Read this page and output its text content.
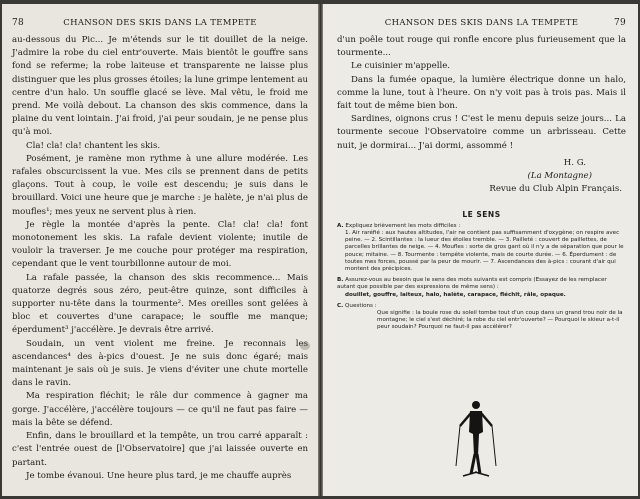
78	CHANSON DES SKIS DANS LA TEMPETE

au-dessous du Pic... Je m'étends sur le tit douillet de la neige. J'admire la robe du ciel entr'ouverte. Mais bientôt le gouffre sans fond se referme; la robe laiteuse et transparente ne laisse plus distinguer que les plus grosses étoiles; la lune grimpe lentement au centre d'un halo. Un souffle glacé se lève. Mal vêtu, le froid me prend. Me voilà debout. La chanson des skis commence, dans la plaine du vent lointain. J'ai froid, j'ai peur soudain, je ne pense plus qu'à moi.

Cla! cla! cla! chantent les skis.

Posément, je ramène mon rythme à une allure modérée. Les rafales obscurcissent la vue. Mes cils se prennent dans de petits glaçons. Tout à coup, le voile est descendu; je suis dans le brouillard. Voici une heure que je marche : je halète, je n'ai plus de moufles¹; mes yeux ne servent plus à rien.

Je règle la montée d'après la pente. Cla! cla! cla! font monotonement les skis. La rafale devient violente; inutile de vouloir la traverser. Je me couche pour protéger ma respiration, cependant que le vent tourbillonne autour de moi.

La rafale passée, la chanson des skis recommence... Mais quatorze degrés sous zéro, peut-être quinze, sont difficiles à supporter nu-tête dans la tourmente². Mes oreilles sont gelées à bloc et couvertes d'une carapace; le souffle me manque; éperdument³ j'accélère. Je devrais être arrivé.

Soudain, un vent violent me freine. Je reconnais les ascendances⁴ des à-pics d'ouest. Je ne suis donc égaré; mais maintenant je sais où je suis. Je viens d'éviter une chute mortelle dans le ravin.

Ma respiration fléchit; le râle dur commence à gagner ma gorge. J'accélère, j'accélère toujours — ce qu'il ne faut pas faire — mais la bête se défend.

Enfin, dans le brouillard et la tempête, un trou carré apparaît : c'est l'entrée ouest de [l'Observatoire] que j'ai laissée ouverte en partant.

Je tombe évanoui. Une heure plus tard, je me chauffe auprès

CHANSON DES SKIS DANS LA TEMPETE	79

d'un poêle tout rouge qui ronfle encore plus furieusement que la tourmente...

Le cuisinier m'appelle.

Dans la fumée opaque, la lumière électrique donne un halo, comme la lune, tout à l'heure. On n'y voit pas à trois pas. Mais il fait tout de même bien bon.

Sardines, oignons crus ! C'est le menu depuis seize jours... La tourmente secoue l'Observatoire comme un arbrisseau. Cette nuit, je dormirai... J'ai dormi, assommé !

H. G.
(La Montagne)
Revue du Club Alpin Français.
LE SENS
A. Expliquez brièvement les mots difficiles :
1. Air raréfié : aux hautes altitudes, l'air ne contient pas suffisamment d'oxygène; on respire avec peine. — 2. Scintillantes : la lueur des étoiles tremble. — 3. Pailleté : couvert de paillettes, de parcelles brillantes de neige. — 4. Moufles : sorte de gros gant où il n'y a de séparation que pour le pouce; mitaine. — 8. Tourmente : tempête violente, mais de courte durée. — 6. Éperdument : de toutes mes forces, poussé par la peur de mourir. — 7. Ascendances des à-pics : courant d'air qui montent des précipices.
B. Assurez-vous au besoin que le sens des mots suivants est compris (Essayez de les remplacer autant que possible par des expressions de même sens) :
douillet, gouffre, laiteux, halo, halète, carapace, fléchit, râle, opaque.
C. Questions :

Que signifie : la boule rose du soleil tombe tout d'un coup dans un grand trou noir de la montagne; le ciel s'est déchiré; la robe du ciel entr'ouverte? — Pourquoi le skieur a-t-il peur soudain? Pourquoi ne faut-il pas accélérer?
